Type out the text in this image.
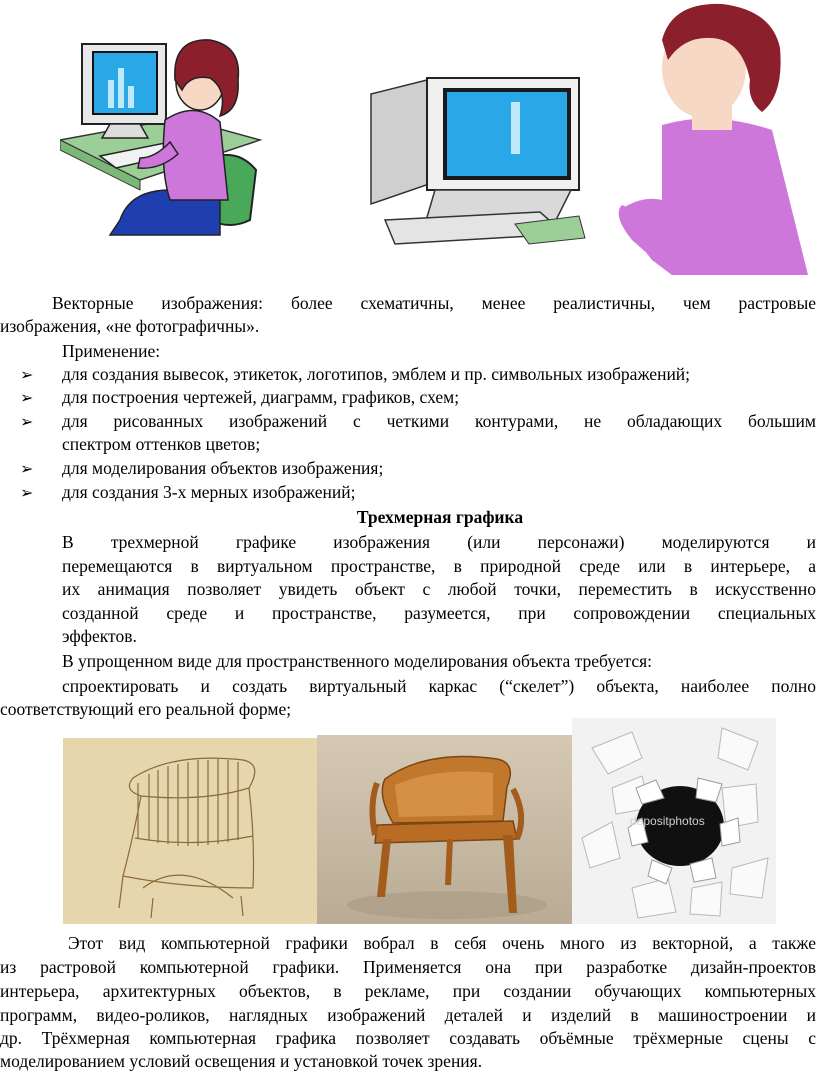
Векторные изображения: более схематичны, менее реалистичны, чем растровые
изображения, «не фотографичны».
Применение:
➢ для создания вывесок, этикеток, логотипов, эмблем и пр. символьных изображений;
➢ для построения чертежей, диаграмм, графиков, схем;
➢ для рисованных изображений с четкими контурами, не обладающих большим
спектром оттенков цветов;
➢ для моделирования объектов изображения;
➢ для создания 3-х мерных изображений;
Трехмерная графика
В трехмерной графике изображения (или персонажи) моделируются и
перемещаются в виртуальном пространстве, в природной среде или в интерьере, а
их анимация позволяет увидеть объект с любой точки, переместить в искусственно
созданной среде и пространстве, разумеется, при сопровождении специальных
эффектов.
В упрощенном виде для пространственного моделирования объекта требуется:
спроектировать и создать виртуальный каркас (“скелет”) объекта, наиболее полно
соответствующий его реальной форме;
depositphotos
Этот вид компьютерной графики вобрал в себя очень много из векторной, а также
из растровой компьютерной графики. Применяется она при разработке дизайн-проектов
интерьера, архитектурных объектов, в рекламе, при создании обучающих компьютерных
программ, видео-роликов, наглядных изображений деталей и изделий в машиностроении и
др. Трёхмерная компьютерная графика позволяет создавать объёмные трёхмерные сцены с
моделированием условий освещения и установкой точек зрения.
